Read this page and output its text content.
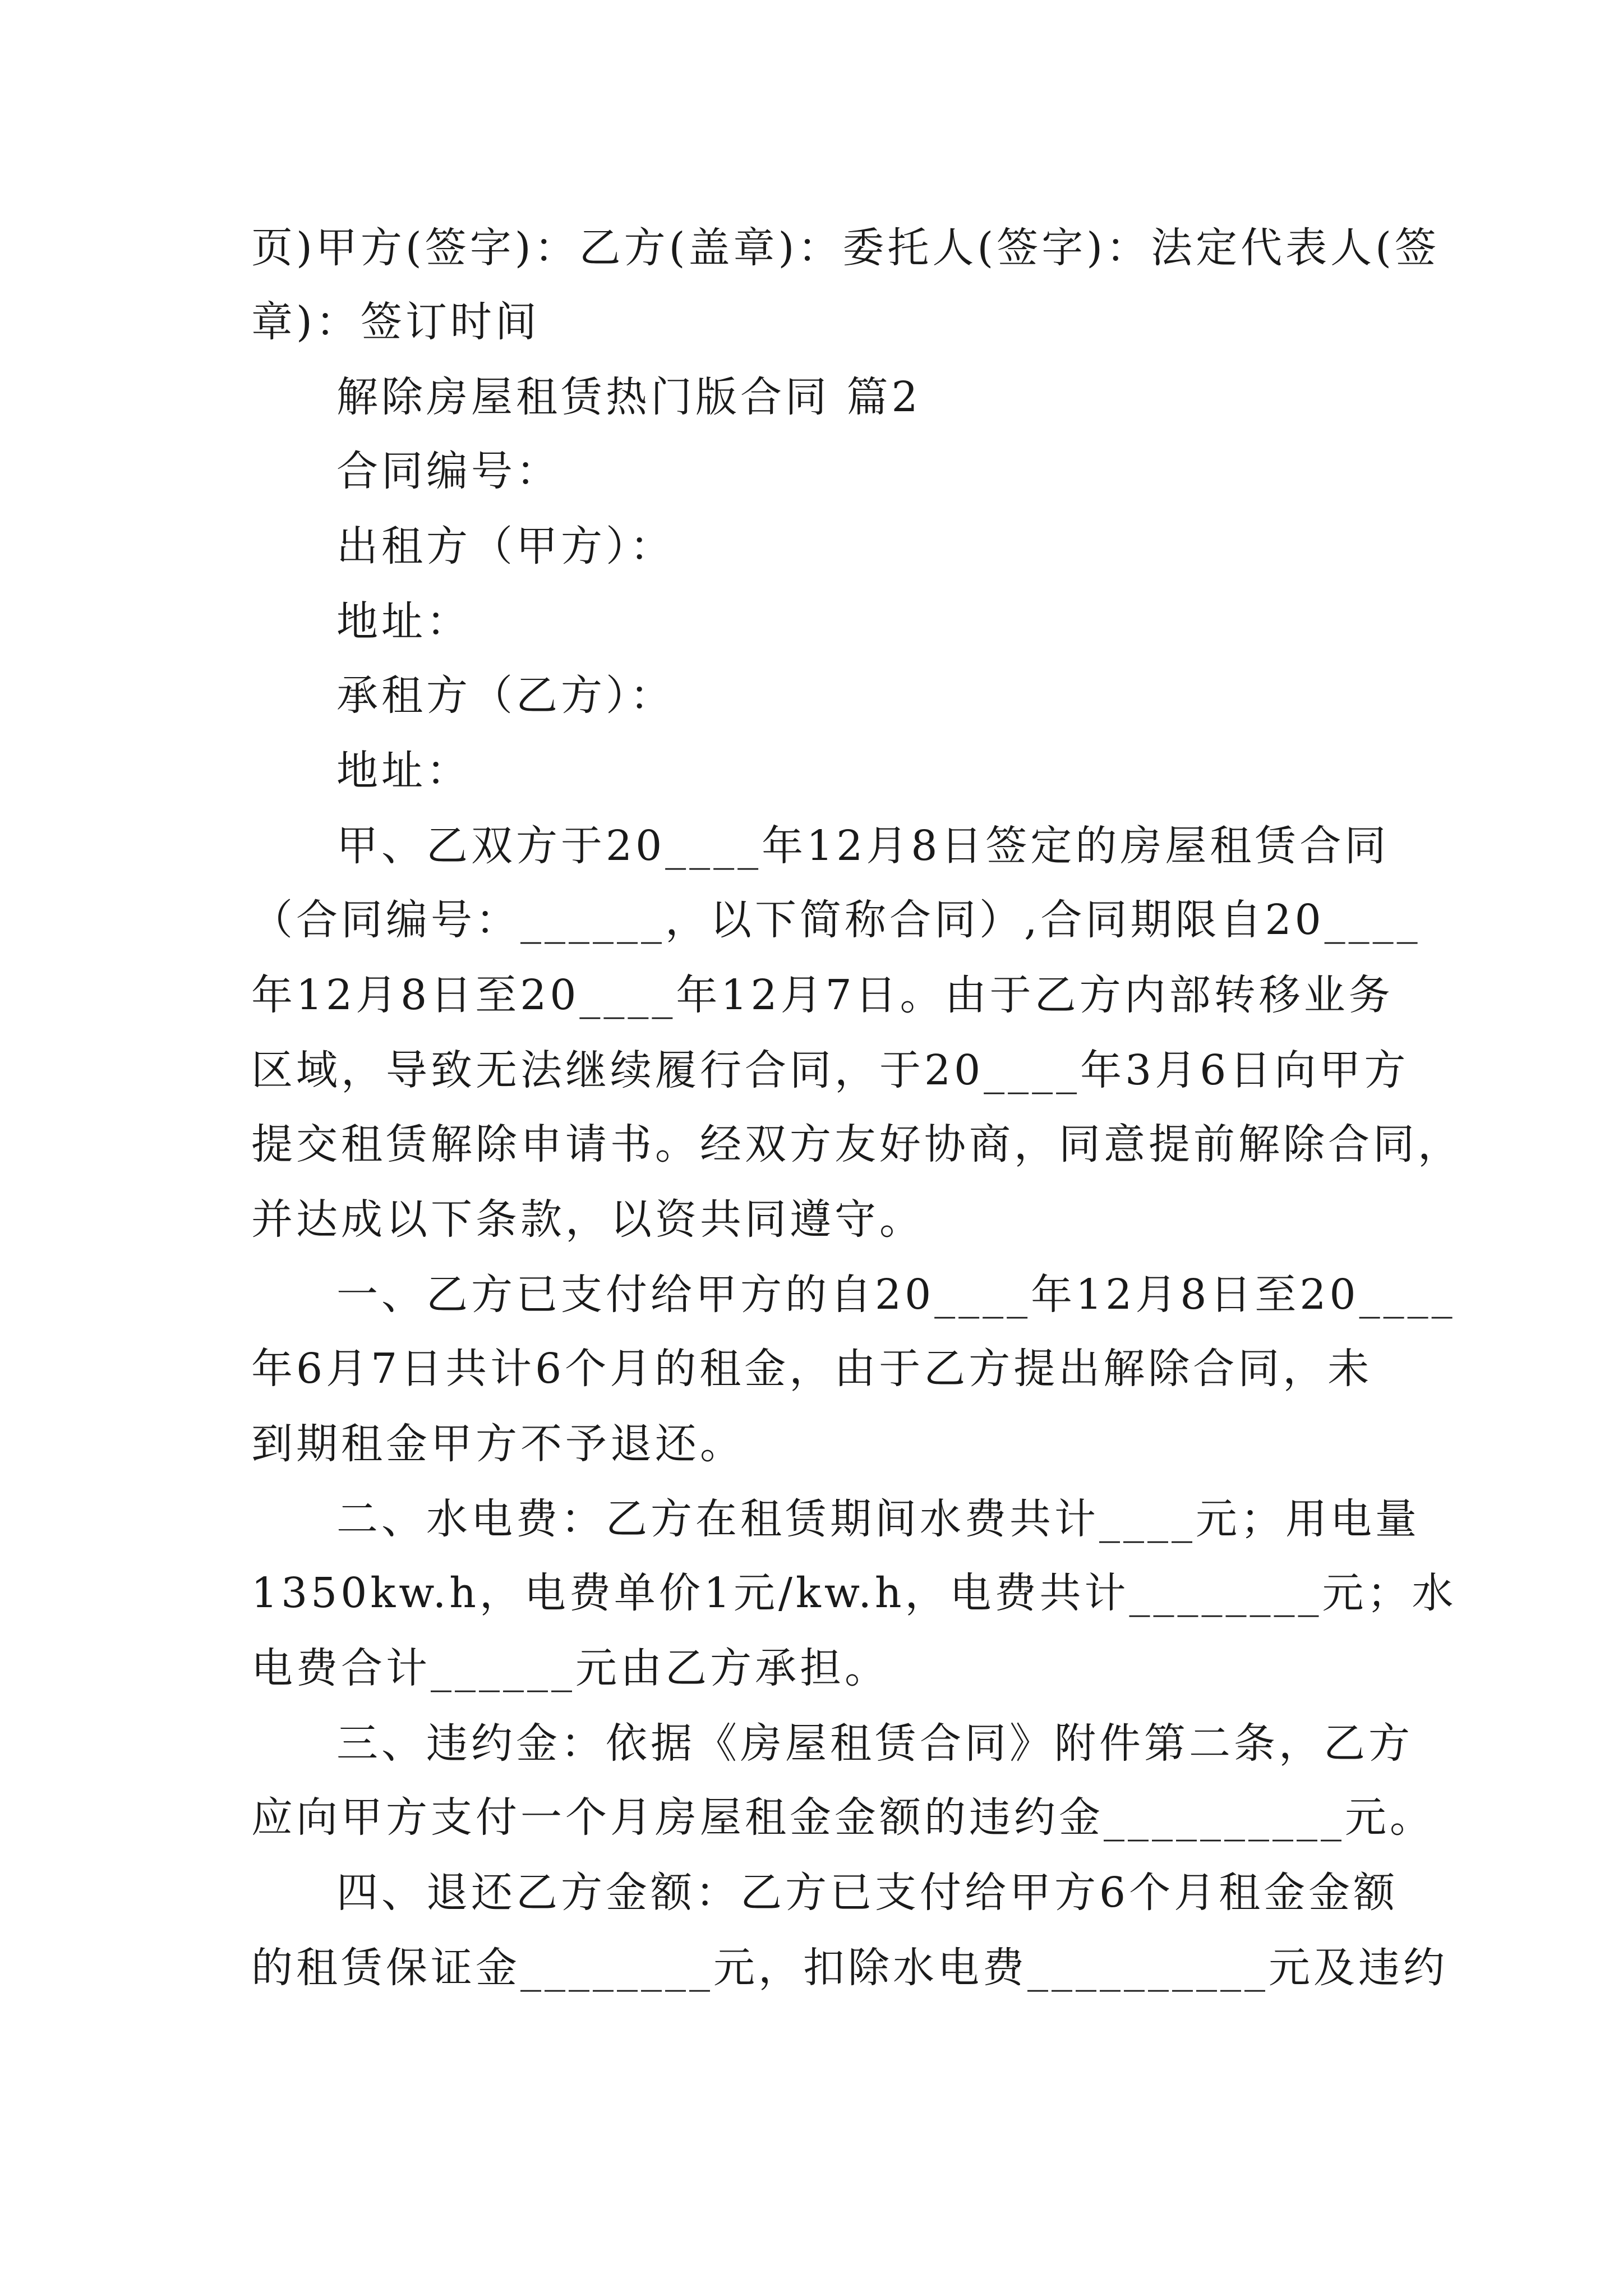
页)甲方(签字)：乙方(盖章)：委托人(签字)：法定代表人(签
章)：签订时间
解除房屋租赁热门版合同 篇2
合同编号：
出租方（甲方）：
地址：
承租方（乙方）：
地址：
甲、乙双方于20____年12月8日签定的房屋租赁合同
（合同编号：______，以下简称合同）,合同期限自20____
年12月8日至20____年12月7日。由于乙方内部转移业务
区域，导致无法继续履行合同，于20____年3月6日向甲方
提交租赁解除申请书。经双方友好协商，同意提前解除合同，
并达成以下条款，以资共同遵守。
一、乙方已支付给甲方的自20____年12月8日至20____
年6月7日共计6个月的租金，由于乙方提出解除合同，未
到期租金甲方不予退还。
二、水电费：乙方在租赁期间水费共计____元；用电量
1350kw.h，电费单价1元/kw.h，电费共计________元；水
电费合计______元由乙方承担。
三、违约金：依据《房屋租赁合同》附件第二条，乙方
应向甲方支付一个月房屋租金金额的违约金__________元。
四、退还乙方金额：乙方已支付给甲方6个月租金金额
的租赁保证金________元，扣除水电费__________元及违约
